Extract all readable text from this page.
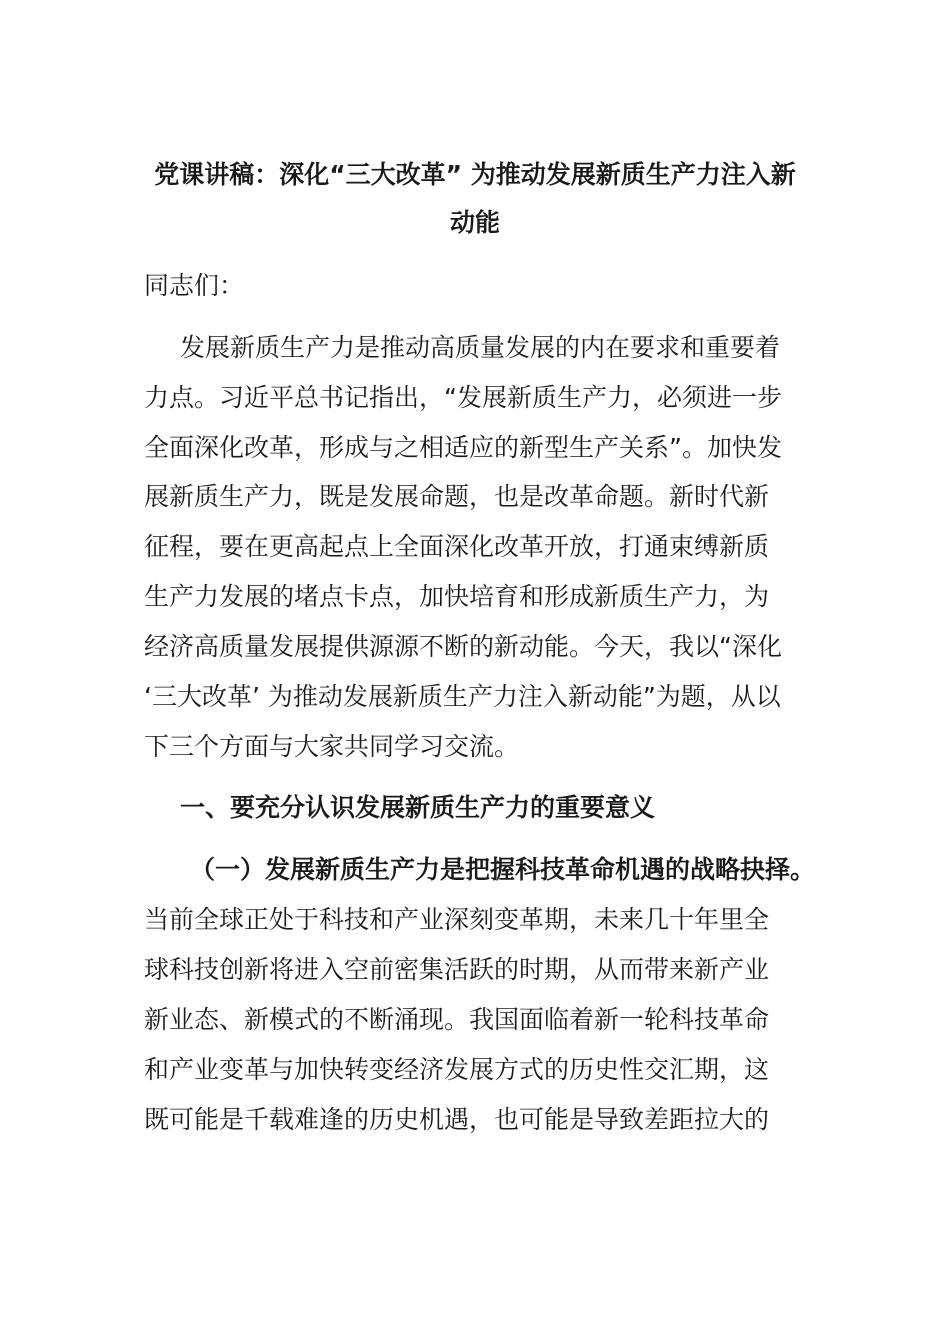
党课讲稿：深化“三大改革” 为推动发展新质生产力注入新
动能
同志们：
发展新质生产力是推动高质量发展的内在要求和重要着
力点。习近平总书记指出，“发展新质生产力，必须进一步
全面深化改革，形成与之相适应的新型生产关系”。加快发
展新质生产力，既是发展命题，也是改革命题。新时代新
征程，要在更高起点上全面深化改革开放，打通束缚新质
生产力发展的堵点卡点，加快培育和形成新质生产力，为
经济高质量发展提供源源不断的新动能。今天，我以“深化
‘三大改革’ 为推动发展新质生产力注入新动能”为题，从以
下三个方面与大家共同学习交流。
一、要充分认识发展新质生产力的重要意义
（一）发展新质生产力是把握科技革命机遇的战略抉择。
当前全球正处于科技和产业深刻变革期，未来几十年里全
球科技创新将进入空前密集活跃的时期，从而带来新产业
新业态、新模式的不断涌现。我国面临着新一轮科技革命
和产业变革与加快转变经济发展方式的历史性交汇期，这
既可能是千载难逢的历史机遇，也可能是导致差距拉大的
